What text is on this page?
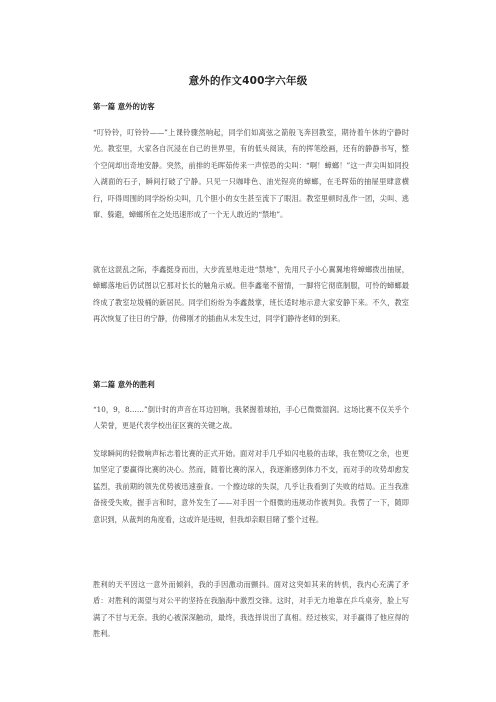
意外的作文400字六年级
第一篇 意外的访客
“叮铃铃，叮铃铃——”上课铃骤然响起，同学们如离弦之箭般飞奔回教室，期待着午休的宁静时光。教室里，大家各自沉浸在自己的世界里，有的低头阅读，有的挥笔绘画，还有的静静书写，整个空间却出奇地安静。突然，前排的毛晖茹传来一声惊恐的尖叫：“啊！蟑螂！”这一声尖叫如同投入湖面的石子，瞬间打破了宁静。只见一只咖啡色、油光锃亮的蟑螂，在毛晖茹的抽屉里肆意横行，吓得周围的同学纷纷尖叫，几个胆小的女生甚至流下了眼泪。教室里顿时乱作一团，尖叫、逃窜、躲避，蟑螂所在之处迅速形成了一个无人敢近的“禁地”。
就在这混乱之际，李鑫挺身而出，大步流星地走进“禁地”，先用尺子小心翼翼地将蟑螂拨出抽屉，蟑螂落地后仍试图以它那对长长的触角示威。但李鑫毫不留情，一脚将它彻底制服，可怜的蟑螂最终成了教室垃圾桶的新居民。同学们纷纷为李鑫鼓掌，班长适时地示意大家安静下来。不久，教室再次恢复了往日的宁静，仿佛刚才的插曲从未发生过，同学们静待老师的到来。
第二篇 意外的胜利
“10，9，8……”倒计时的声音在耳边回响，我紧握着球拍，手心已微微湿润。这场比赛不仅关乎个人荣誉，更是代表学校出征区赛的关键之战。
发球瞬间的轻微响声标志着比赛的正式开始。面对对手几乎如闪电般的击球，我在赞叹之余，也更加坚定了要赢得比赛的决心。然而，随着比赛的深入，我逐渐感到体力不支，而对手的攻势却愈发猛烈，我前期的领先优势被迅速蚕食。一个擦边球的失误，几乎让我看到了失败的结局。正当我准备接受失败，握手言和时，意外发生了——对手因一个细微的违规动作被判负。我愣了一下，随即意识到，从裁判的角度看，这或许是违规，但我却亲眼目睹了整个过程。
胜利的天平因这一意外而倾斜，我的手因激动而颤抖。面对这突如其来的转机，我内心充满了矛盾：对胜利的渴望与对公平的坚持在我脑海中激烈交锋。这时，对手无力地靠在乒乓桌旁，脸上写满了不甘与无奈。我的心被深深触动，最终，我选择说出了真相。经过核实，对手赢得了他应得的胜利。
